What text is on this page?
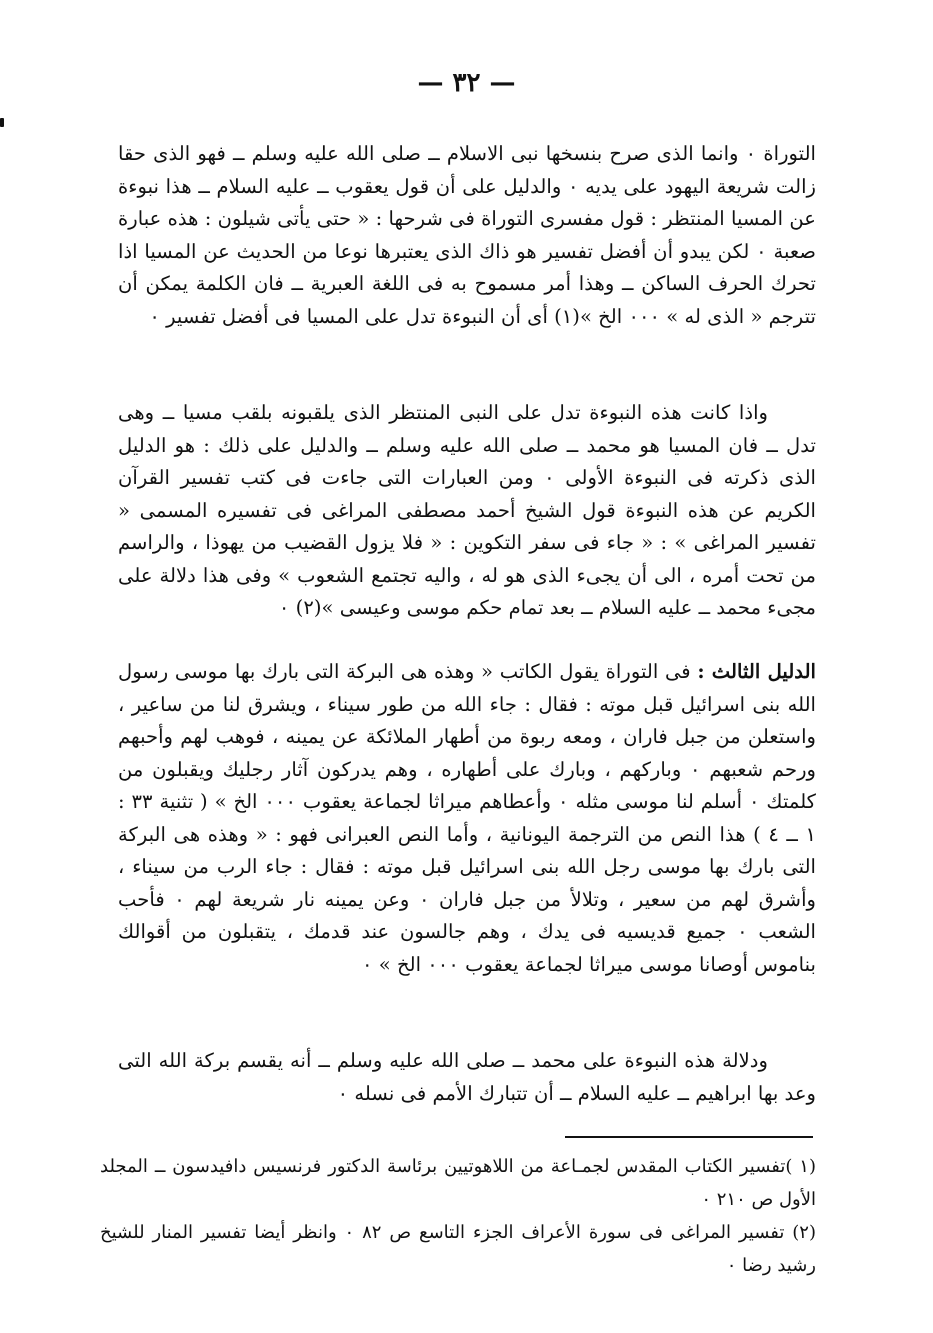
— ٣٢ —

التوراة ٠ وانما الذى صرح بنسخها نبى الاسلام ــ صلى الله عليه وسلم ــ فهو الذى حقا زالت شريعة اليهود على يديه ٠ والدليل على أن قول يعقوب ــ عليه السلام ــ هذا نبوءة عن المسيا المنتظر : قول مفسرى التوراة فى شرحها : « حتى يأتى شيلون : هذه عبارة صعبة ٠ لكن يبدو أن أفضل تفسير هو ذاك الذى يعتبرها نوعا من الحديث عن المسيا اذا تحرك الحرف الساكن ــ وهذا أمر مسموح به فى اللغة العبرية ــ فان الكلمة يمكن أن تترجم « الذى له » ٠٠٠ الخ »(١) أى أن النبوءة تدل على المسيا فى أفضل تفسير ٠

واذا كانت هذه النبوءة تدل على النبى المنتظر الذى يلقبونه بلقب مسيا ــ وهى تدل ــ فان المسيا هو محمد ــ صلى الله عليه وسلم ــ والدليل على ذلك : هو الدليل الذى ذكرته فى النبوءة الأولى ٠ ومن العبارات التى جاءت فى كتب تفسير القرآن الكريم عن هذه النبوءة قول الشيخ أحمد مصطفى المراغى فى تفسيره المسمى « تفسير المراغى » : « جاء فى سفر التكوين : « فلا يزول القضيب من يهوذا ، والراسم من تحت أمره ، الى أن يجىء الذى هو له ، واليه تجتمع الشعوب » وفى هذا دلالة على مجىء محمد ــ عليه السلام ــ بعد تمام حكم موسى وعيسى »(٢) ٠

الدليل الثالث : فى التوراة يقول الكاتب « وهذه هى البركة التى بارك بها موسى رسول الله بنى اسرائيل قبل موته : فقال : جاء الله من طور سيناء ، ويشرق لنا من ساعير ، واستعلن من جبل فاران ، ومعه ربوة من أطهار الملائكة عن يمينه ، فوهب لهم وأحبهم ورحم شعبهم ٠ وباركهم ، وبارك على أطهاره ، وهم يدركون آثار رجليك ويقبلون من كلمتك ٠ أسلم لنا موسى مثله ٠ وأعطاهم ميراثا لجماعة يعقوب ٠٠٠ الخ » ( تثنية ٣٣ : ١ ــ ٤ ) هذا النص من الترجمة اليونانية ، وأما النص العبرانى فهو : « وهذه هى البركة التى بارك بها موسى رجل الله بنى اسرائيل قبل موته : فقال : جاء الرب من سيناء ، وأشرق لهم من سعير ، وتلالأ من جبل فاران ٠ وعن يمينه نار شريعة لهم ٠ فأحب الشعب ٠ جميع قديسيه فى يدك ، وهم جالسون عند قدمك ، يتقبلون من أقوالك بناموس أوصانا موسى ميراثا لجماعة يعقوب ٠٠٠ الخ » ٠

ودلالة هذه النبوءة على محمد ــ صلى الله عليه وسلم ــ أنه يقسم بركة الله التى وعد بها ابراهيم ــ عليه السلام ــ أن تتبارك الأمم فى نسله ٠

(١ )تفسير الكتاب المقدس لجمـاعة من اللاهوتيين برئاسة الدكتور فرنسيس دافيدسون ــ المجلد الأول ص ٢١٠ ٠

(٢) تفسير المراغى فى سورة الأعراف الجزء التاسع ص ٨٢ ٠ وانظر أيضا تفسير المنار للشيخ رشيد رضا ٠
